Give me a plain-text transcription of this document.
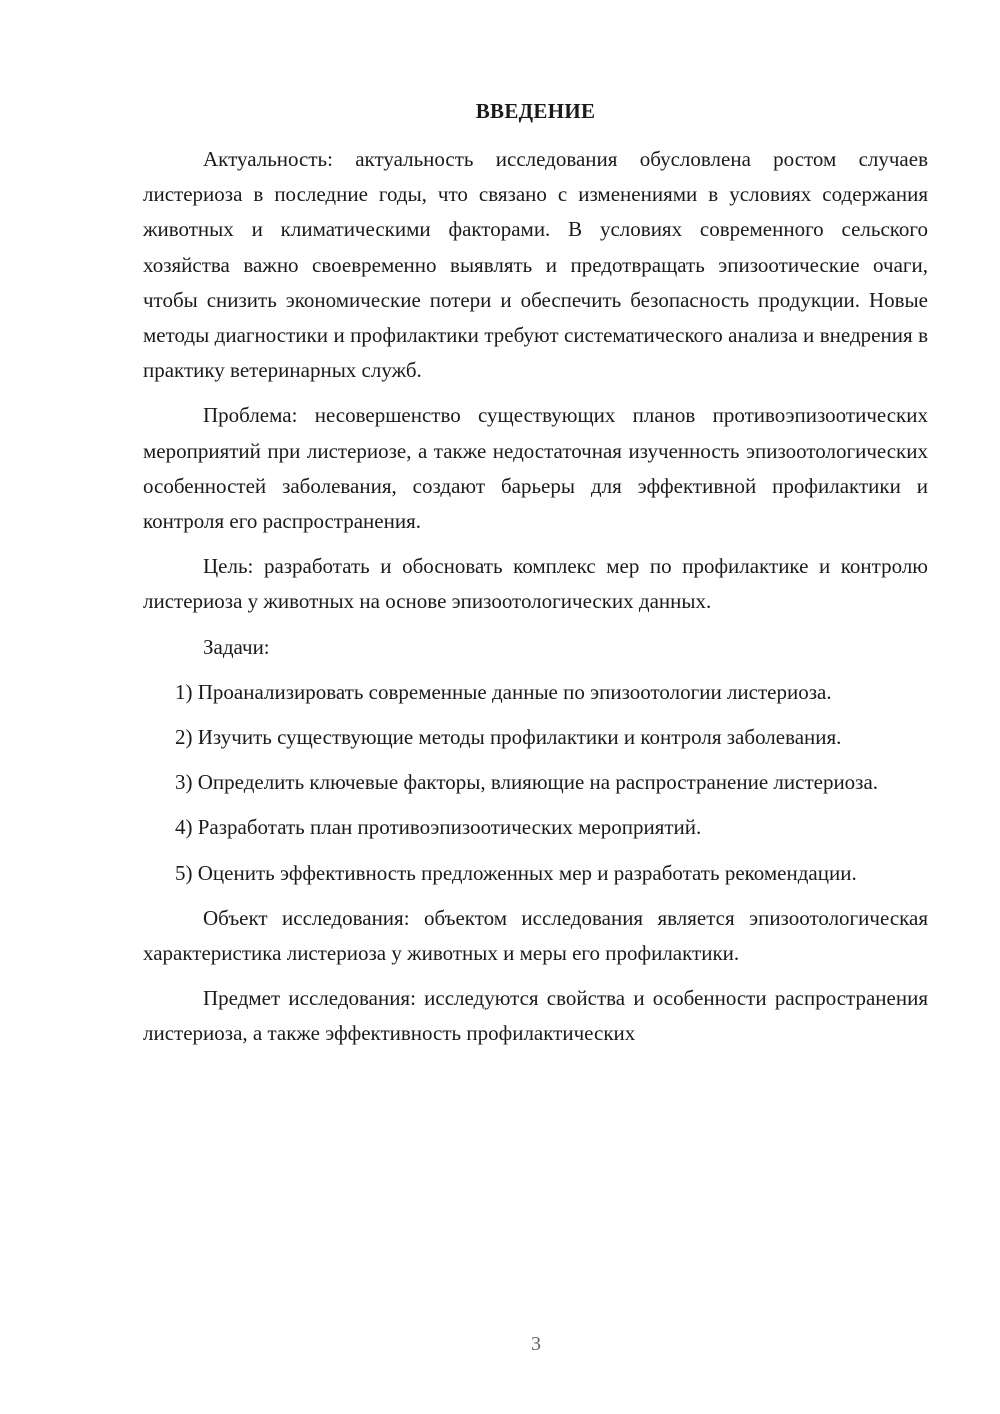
ВВЕДЕНИЕ

Актуальность: актуальность исследования обусловлена ростом случаев листериоза в последние годы, что связано с изменениями в условиях содержания животных и климатическими факторами. В условиях современного сельского хозяйства важно своевременно выявлять и предотвращать эпизоотические очаги, чтобы снизить экономические потери и обеспечить безопасность продукции. Новые методы диагностики и профилактики требуют систематического анализа и внедрения в практику ветеринарных служб.

Проблема: несовершенство существующих планов противоэпизоотических мероприятий при листериозе, а также недостаточная изученность эпизоотологических особенностей заболевания, создают барьеры для эффективной профилактики и контроля его распространения.

Цель: разработать и обосновать комплекс мер по профилактике и контролю листериоза у животных на основе эпизоотологических данных.

Задачи:

1) Проанализировать современные данные по эпизоотологии листериоза.

2) Изучить существующие методы профилактики и контроля заболевания.

3) Определить ключевые факторы, влияющие на распространение листериоза.

4) Разработать план противоэпизоотических мероприятий.

5) Оценить эффективность предложенных мер и разработать рекомендации.

Объект исследования: объектом исследования является эпизоотологическая характеристика листериоза у животных и меры его профилактики.

Предмет исследования: исследуются свойства и особенности распространения листериоза, а также эффективность профилактических

3
